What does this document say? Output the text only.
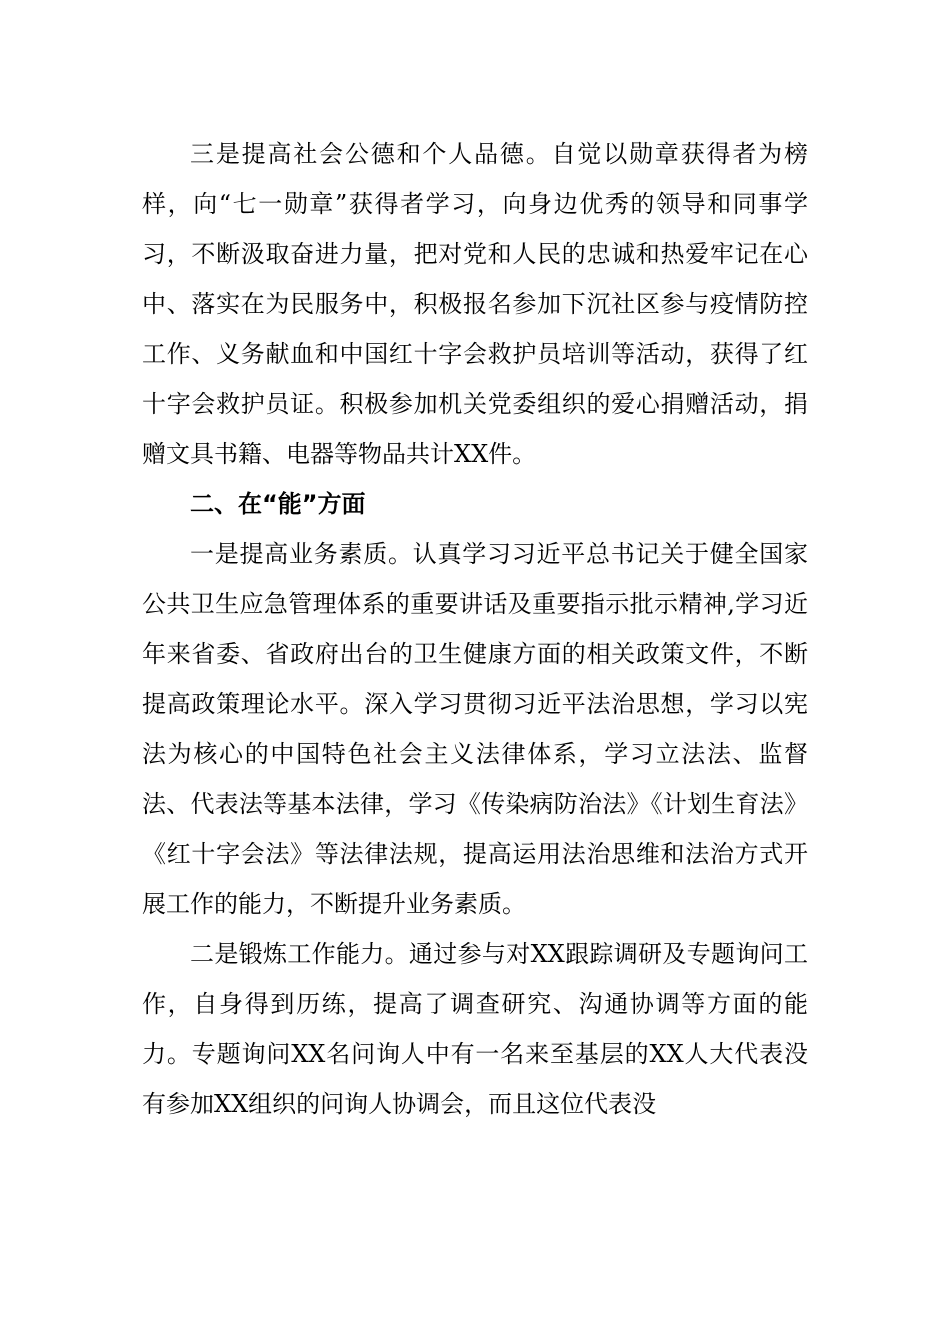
三是提高社会公德和个人品德。自觉以勋章获得者为榜样，向“七一勋章”获得者学习，向身边优秀的领导和同事学习，不断汲取奋进力量，把对党和人民的忠诚和热爱牢记在心中、落实在为民服务中，积极报名参加下沉社区参与疫情防控工作、义务献血和中国红十字会救护员培训等活动，获得了红十字会救护员证。积极参加机关党委组织的爱心捐赠活动，捐赠文具书籍、电器等物品共计XX件。

二、在“能”方面

一是提高业务素质。认真学习习近平总书记关于健全国家公共卫生应急管理体系的重要讲话及重要指示批示精神,学习近年来省委、省政府出台的卫生健康方面的相关政策文件，不断提高政策理论水平。深入学习贯彻习近平法治思想，学习以宪法为核心的中国特色社会主义法律体系，学习立法法、监督法、代表法等基本法律，学习《传染病防治法》《计划生育法》《红十字会法》等法律法规，提高运用法治思维和法治方式开展工作的能力，不断提升业务素质。

二是锻炼工作能力。通过参与对XX跟踪调研及专题询问工作，自身得到历练，提高了调查研究、沟通协调等方面的能力。专题询问XX名问询人中有一名来至基层的XX人大代表没有参加XX组织的问询人协调会，而且这位代表没
